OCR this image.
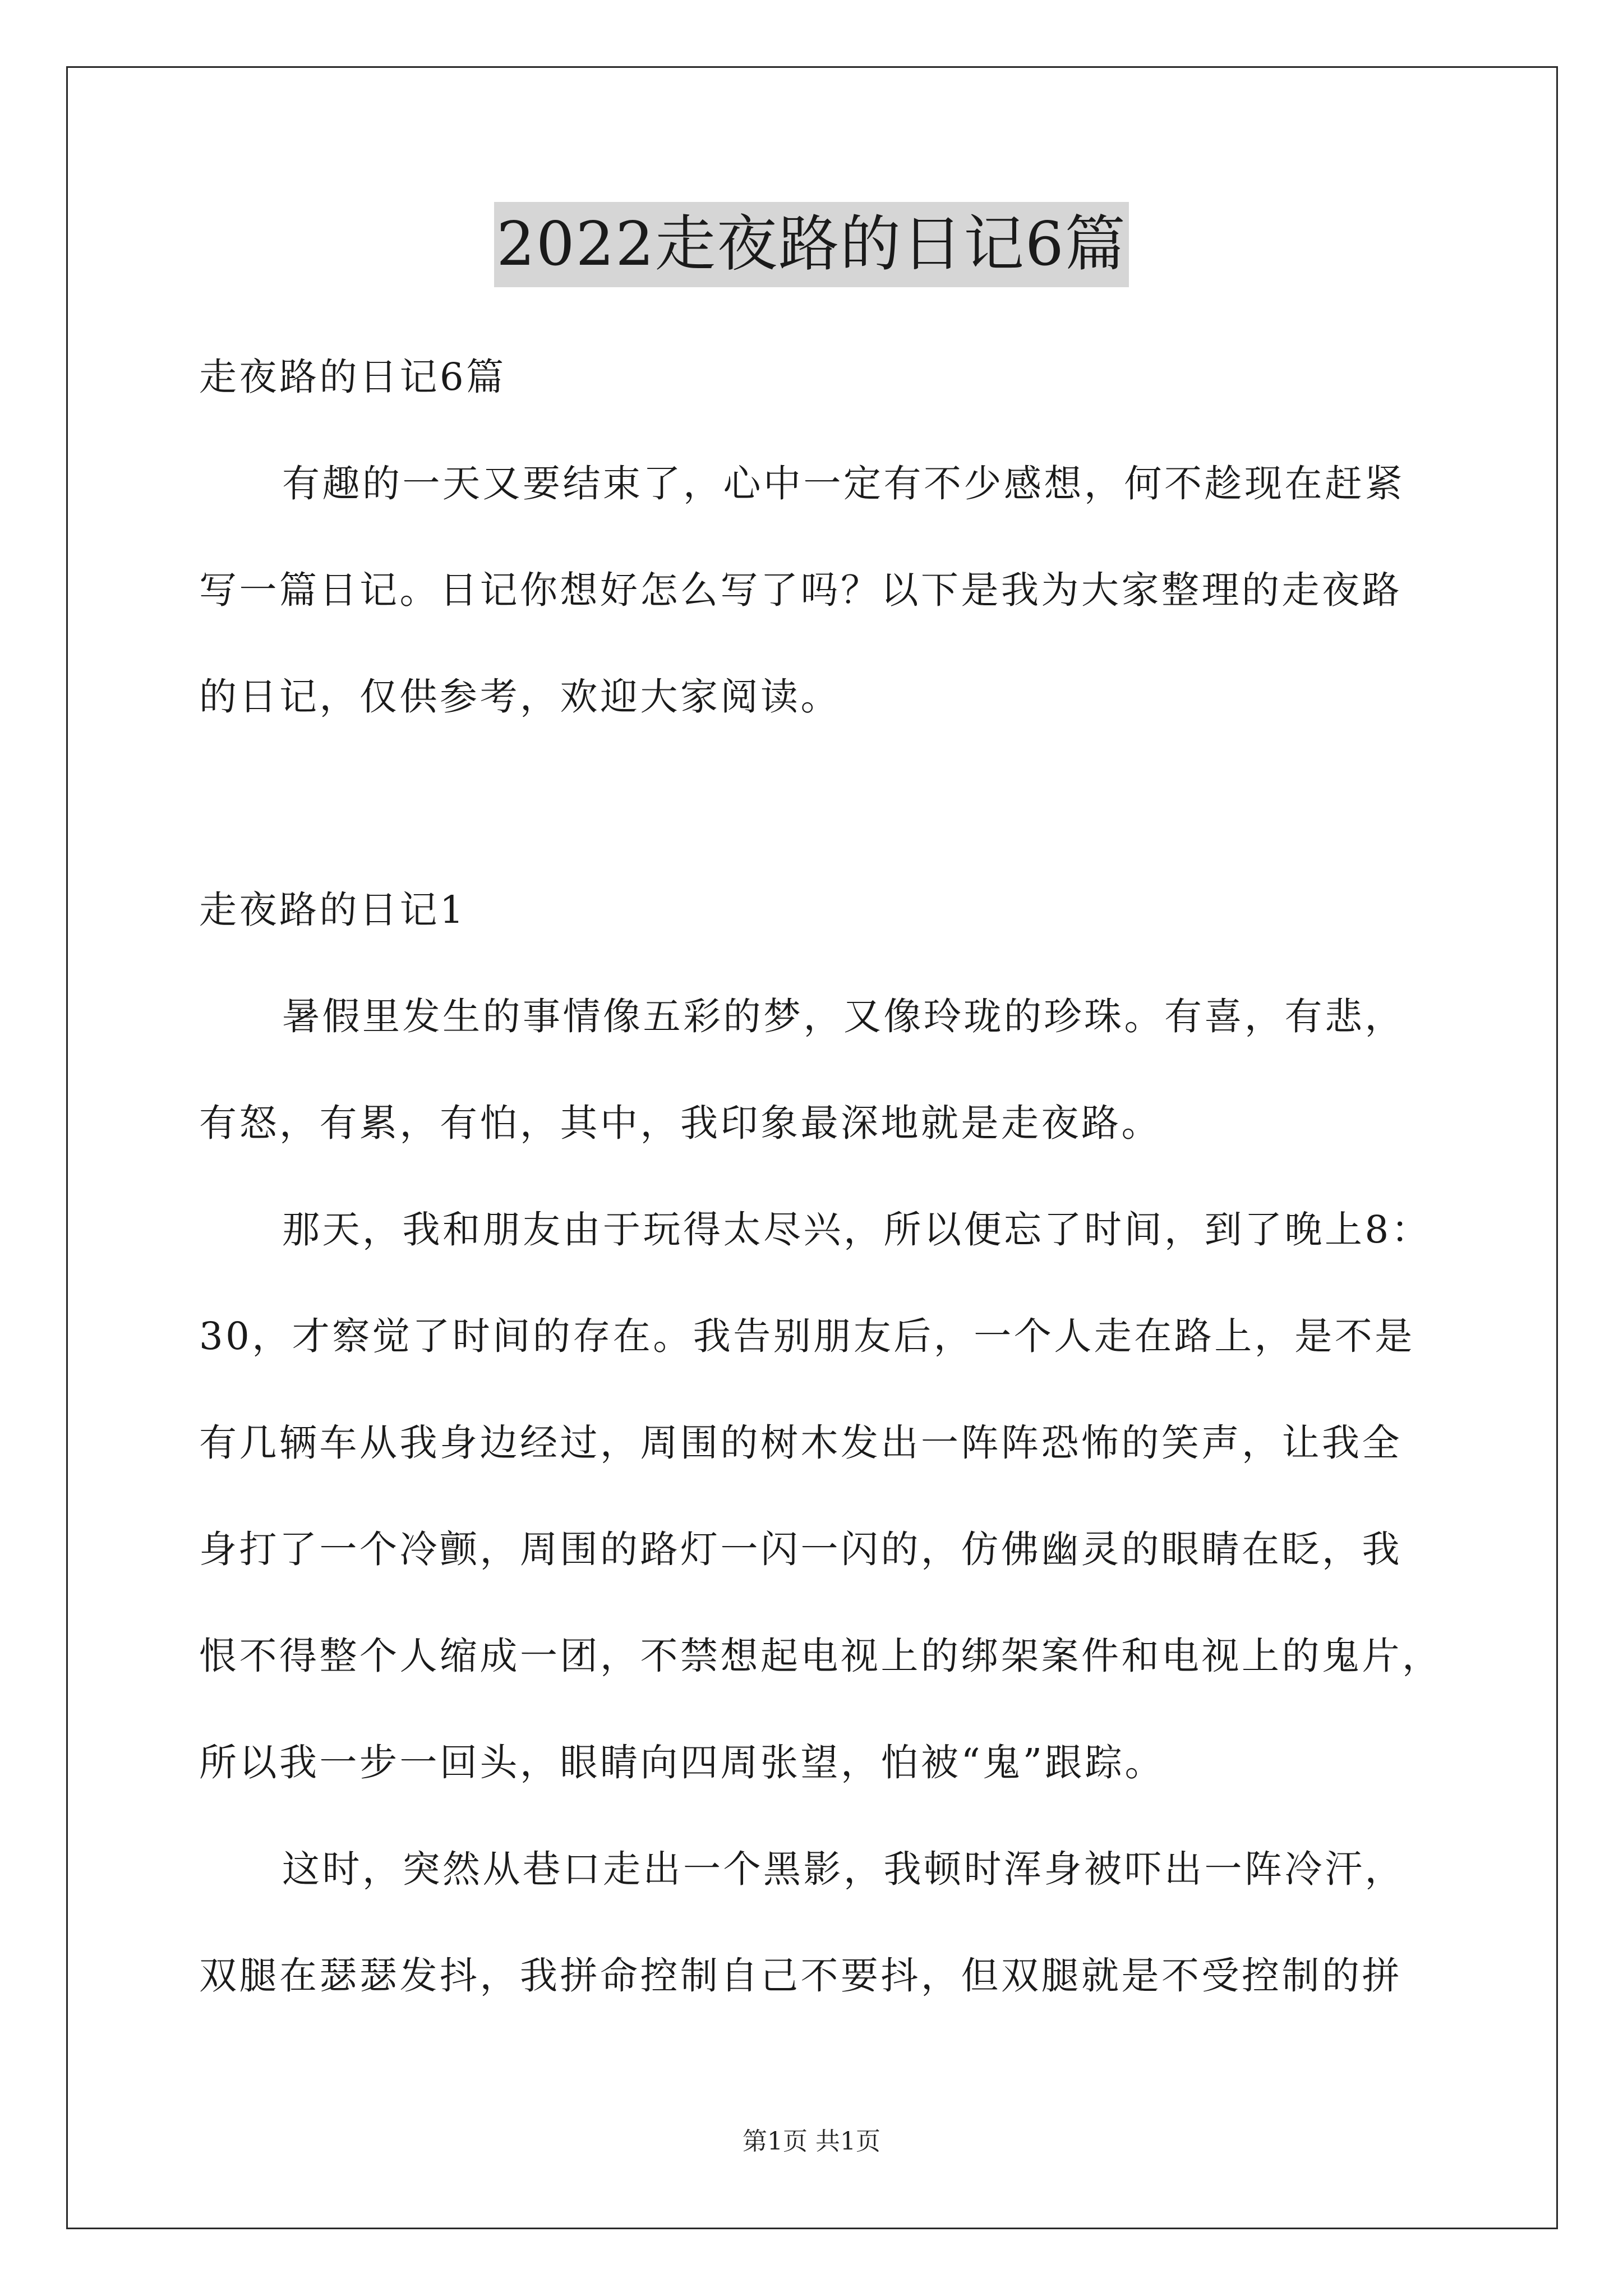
2022走夜路的日记6篇
走夜路的日记6篇
有趣的一天又要结束了，心中一定有不少感想，何不趁现在赶紧
写一篇日记。日记你想好怎么写了吗？以下是我为大家整理的走夜路
的日记，仅供参考，欢迎大家阅读。
走夜路的日记1
暑假里发生的事情像五彩的梦，又像玲珑的珍珠。有喜，有悲，
有怒，有累，有怕，其中，我印象最深地就是走夜路。
那天，我和朋友由于玩得太尽兴，所以便忘了时间，到了晚上8：
30，才察觉了时间的存在。我告别朋友后，一个人走在路上，是不是
有几辆车从我身边经过，周围的树木发出一阵阵恐怖的笑声，让我全
身打了一个冷颤，周围的路灯一闪一闪的，仿佛幽灵的眼睛在眨，我
恨不得整个人缩成一团，不禁想起电视上的绑架案件和电视上的鬼片，
所以我一步一回头，眼睛向四周张望，怕被“鬼”跟踪。
这时，突然从巷口走出一个黑影，我顿时浑身被吓出一阵冷汗，
双腿在瑟瑟发抖，我拼命控制自己不要抖，但双腿就是不受控制的拼
第1页 共1页
